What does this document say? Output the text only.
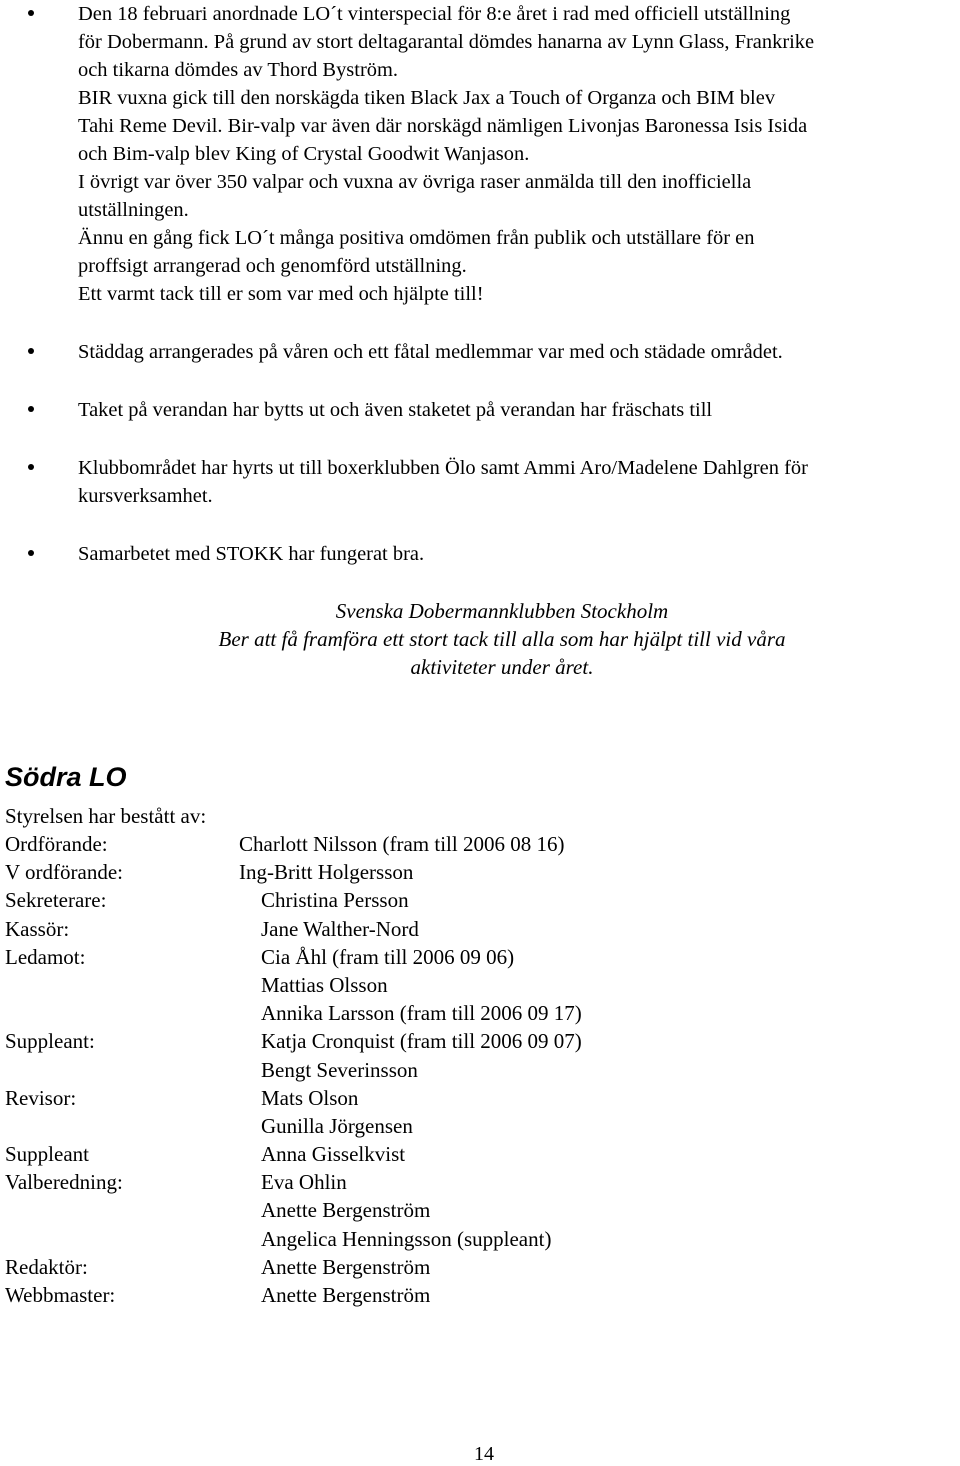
Den 18 februari anordnade LO´t vinterspecial för 8:e året i rad med officiell utställning
för Dobermann. På grund av stort deltagarantal dömdes hanarna av Lynn Glass, Frankrike
och tikarna dömdes av Thord Byström.
BIR vuxna gick till den norskägda tiken Black Jax a Touch of Organza och BIM blev
Tahi Reme Devil. Bir-valp var även där norskägd nämligen Livonjas Baronessa Isis Isida
och Bim-valp blev King of Crystal Goodwit Wanjason.
I övrigt var över 350 valpar och vuxna av övriga raser anmälda till den inofficiella
utställningen.
Ännu en gång fick LO´t många positiva omdömen från publik och utställare för en
proffsigt arrangerad och genomförd utställning.
Ett varmt tack till er som var med och hjälpte till!
Städdag arrangerades på våren och ett fåtal medlemmar var med och städade området.
Taket på verandan har bytts ut och även staketet på verandan har fräschats till
Klubbområdet har hyrts ut till boxerklubben Ölo samt Ammi Aro/Madelene Dahlgren för
kursverksamhet.
Samarbetet med STOKK har fungerat bra.
Svenska Dobermannklubben Stockholm
Ber att få framföra ett stort tack till alla som har hjälpt till vid våra
aktiviteter under året.
Södra LO
Styrelsen har bestått av:
Ordförande:	Charlott Nilsson (fram till 2006 08 16)
V ordförande:	Ing-Britt Holgersson
Sekreterare:	Christina Persson
Kassör:	Jane Walther-Nord
Ledamot:	Cia Åhl (fram till 2006 09 06)
Mattias Olsson
Annika Larsson (fram till 2006 09 17)
Suppleant:	Katja Cronquist (fram till 2006 09 07)
Bengt Severinsson
Revisor:	Mats Olson
Gunilla Jörgensen
Suppleant	Anna Gisselkvist
Valberedning:	Eva Ohlin
Anette Bergenström
Angelica Henningsson (suppleant)
Redaktör:	Anette Bergenström
Webbmaster:	Anette Bergenström
14
